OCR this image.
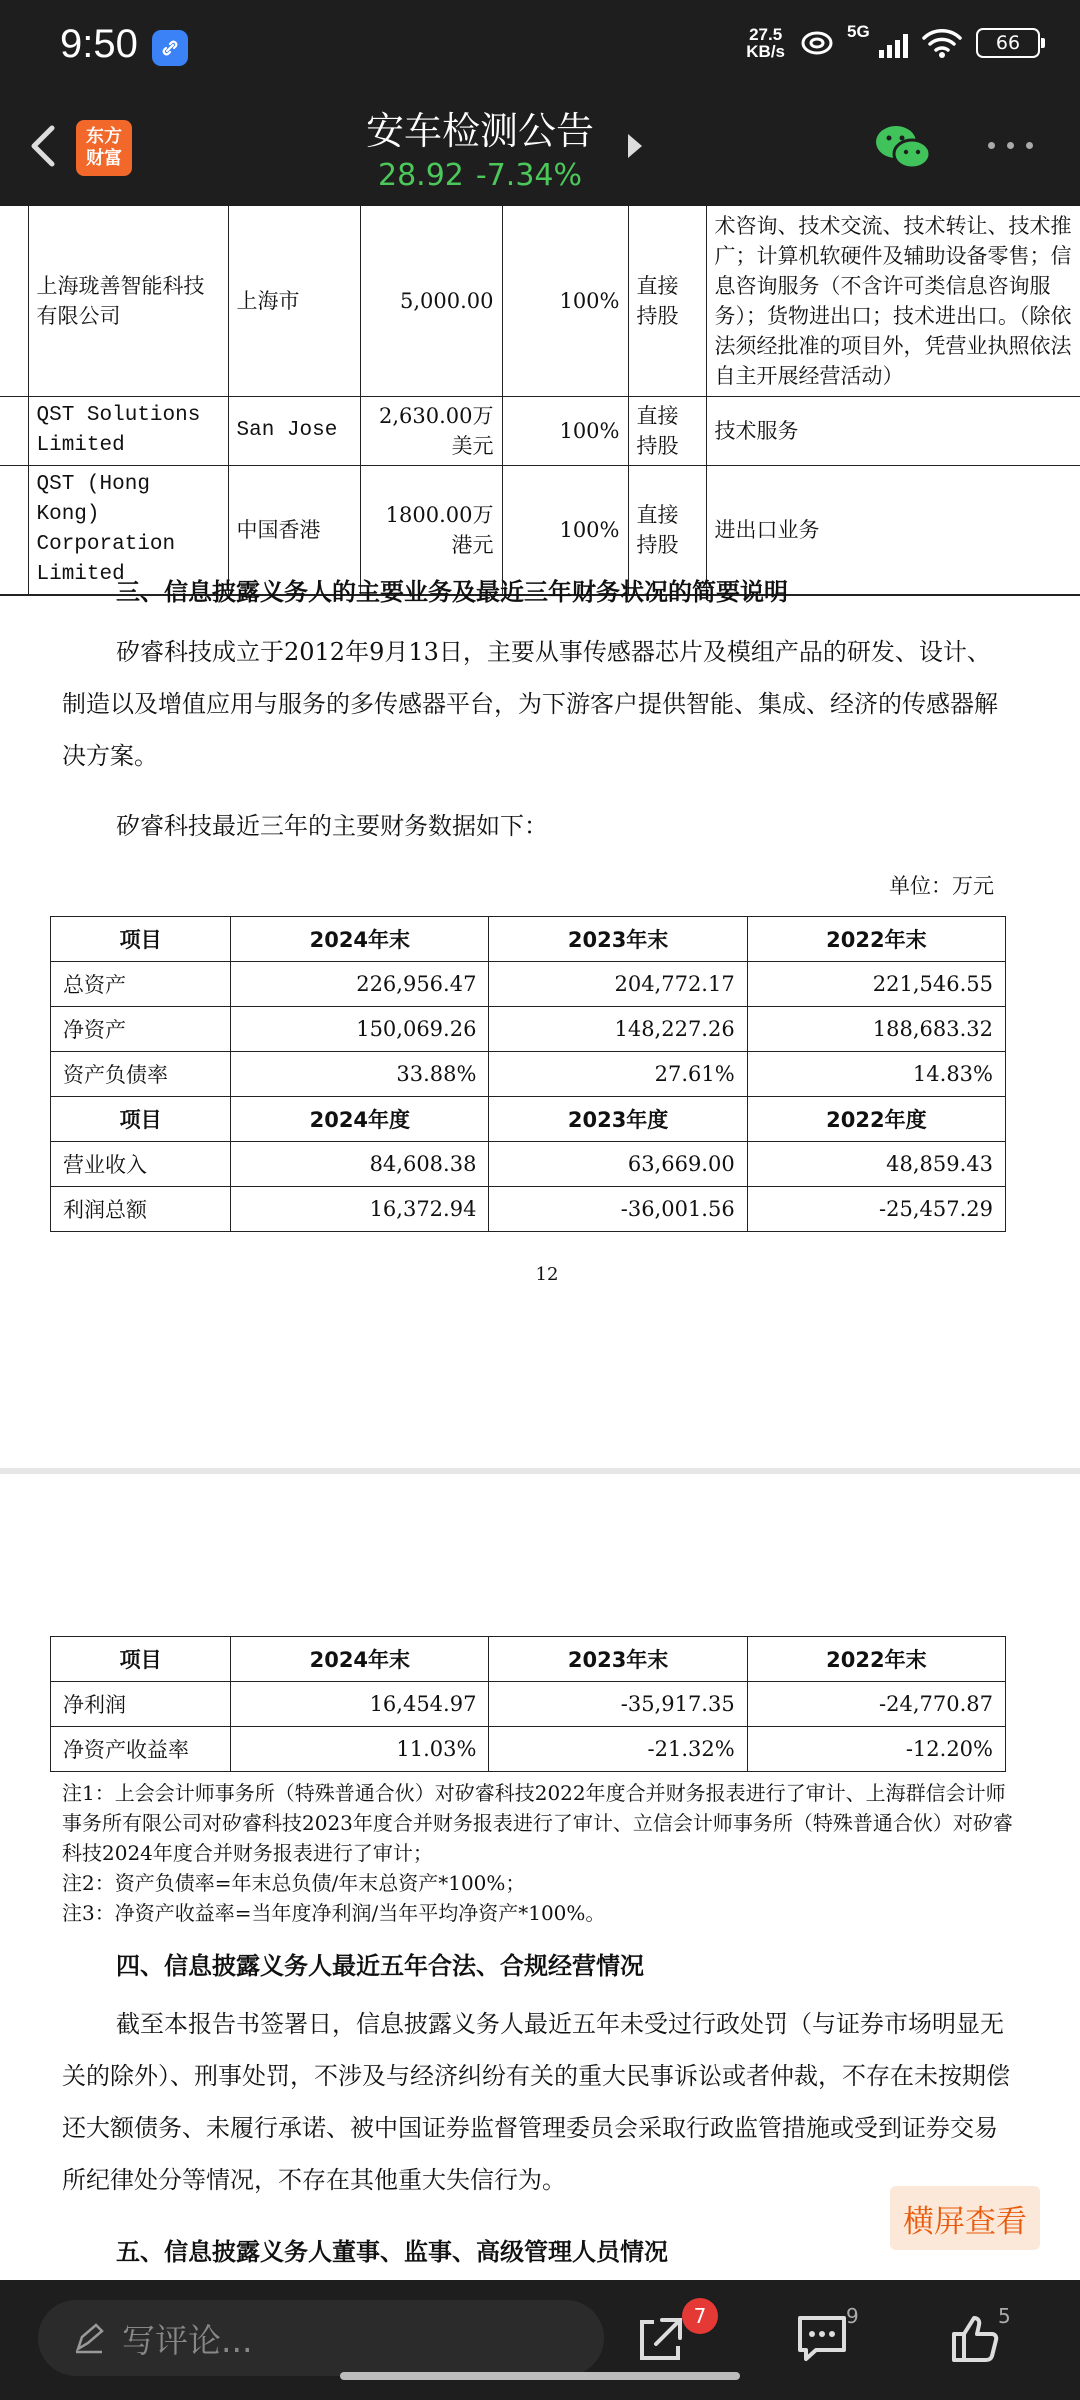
9:50	27.5
KB/s
5G
66
东方
财富
安车检测公告
28.92 -7.34%
	上海珑善智能科技有限公司	上海市	5,000.00	100%	直接持股	术咨询、技术交流、技术转让、技术推广；计算机软硬件及辅助设备零售；信息咨询服务（不含许可类信息咨询服务）；货物进出口；技术进出口。（除依法须经批准的项目外，凭营业执照依法自主开展经营活动）
	QST Solutions Limited	San Jose	2,630.00万美元	100%	直接持股	技术服务
	QST (Hong Kong) Corporation Limited	中国香港	1800.00万港元	100%	直接持股	进出口业务
三、信息披露义务人的主要业务及最近三年财务状况的简要说明
矽睿科技成立于2012年9月13日，主要从事传感器芯片及模组产品的研发、设计、制造以及增值应用与服务的多传感器平台，为下游客户提供智能、集成、经济的传感器解决方案。
矽睿科技最近三年的主要财务数据如下：
单位：万元
项目	2024年末	2023年末	2022年末
总资产	226,956.47	204,772.17	221,546.55
净资产	150,069.26	148,227.26	188,683.32
资产负债率	33.88%	27.61%	14.83%
项目	2024年度	2023年度	2022年度
营业收入	84,608.38	63,669.00	48,859.43
利润总额	16,372.94	-36,001.56	-25,457.29
12
项目	2024年末	2023年末	2022年末
净利润	16,454.97	-35,917.35	-24,770.87
净资产收益率	11.03%	-21.32%	-12.20%
注1：上会会计师事务所（特殊普通合伙）对矽睿科技2022年度合并财务报表进行了审计、上海群信会计师事务所有限公司对矽睿科技2023年度合并财务报表进行了审计、立信会计师事务所（特殊普通合伙）对矽睿科技2024年度合并财务报表进行了审计；
注2：资产负债率=年末总负债/年末总资产*100%；
注3：净资产收益率=当年度净利润/当年平均净资产*100%。
四、信息披露义务人最近五年合法、合规经营情况
截至本报告书签署日，信息披露义务人最近五年未受过行政处罚（与证券市场明显无关的除外）、刑事处罚，不涉及与经济纠纷有关的重大民事诉讼或者仲裁，不存在未按期偿还大额债务、未履行承诺、被中国证券监督管理委员会采取行政监管措施或受到证券交易所纪律处分等情况，不存在其他重大失信行为。
五、信息披露义务人董事、监事、高级管理人员情况
横屏查看
写评论...
7	9	5
